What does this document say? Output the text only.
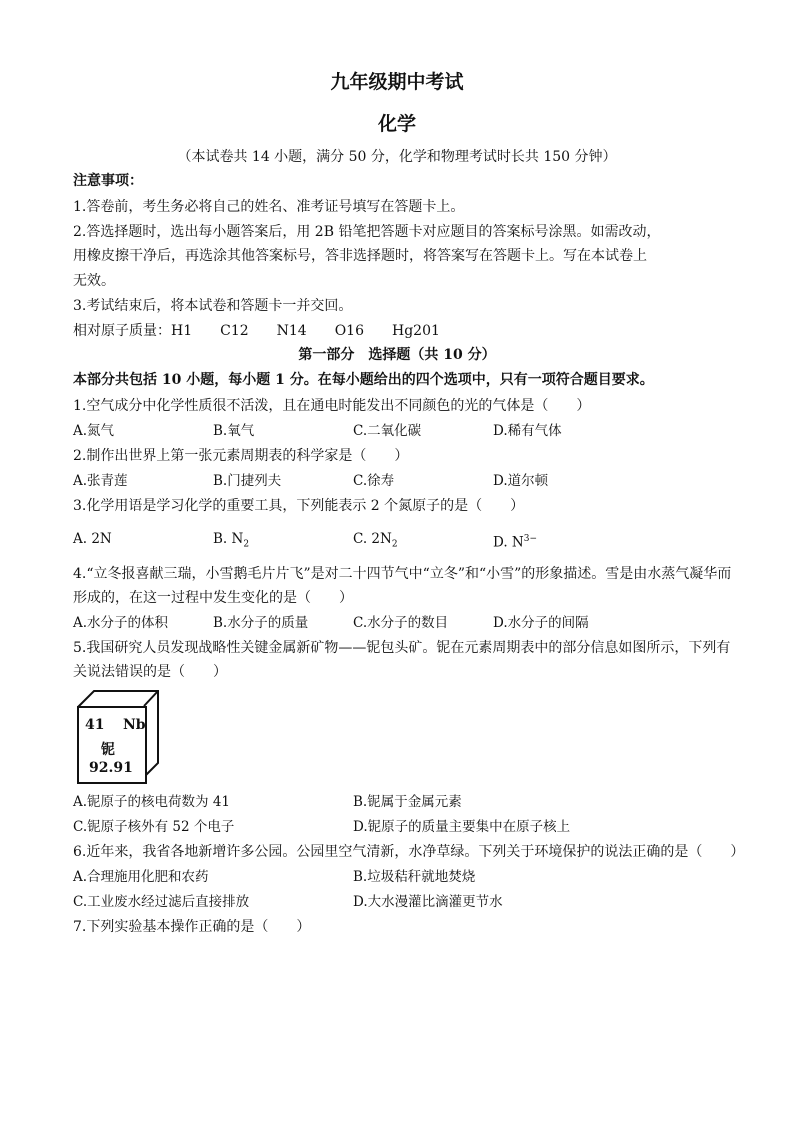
九年级期中考试
化学
（本试卷共 14 小题，满分 50 分，化学和物理考试时长共 150 分钟）
注意事项：
1.答卷前，考生务必将自己的姓名、准考证号填写在答题卡上。
2.答选择题时，选出每小题答案后，用 2B 铅笔把答题卡对应题目的答案标号涂黑。如需改动，
用橡皮擦干净后，再选涂其他答案标号，答非选择题时，将答案写在答题卡上。写在本试卷上
无效。
3.考试结束后，将本试卷和答题卡一并交回。
相对原子质量：H1　　C12　　N14　　O16　　Hg201
第一部分　选择题（共 10 分）
本部分共包括 10 小题，每小题 1 分。在每小题给出的四个选项中，只有一项符合题目要求。
1.空气成分中化学性质很不活泼，且在通电时能发出不同颜色的光的气体是（　　）
A.氮气	B.氧气	C.二氧化碳	D.稀有气体
2.制作出世界上第一张元素周期表的科学家是（　　）
A.张青莲	B.门捷列夫	C.徐寿	D.道尔顿
3.化学用语是学习化学的重要工具，下列能表示 2 个氮原子的是（　　）
A. 2N	B. $N_2$	C. $2N_2$	D. $N^{3-}$
4.“立冬报喜献三瑞，小雪鹅毛片片飞”是对二十四节气中“立冬”和“小雪”的形象描述。雪是由水蒸气凝华而
形成的，在这一过程中发生变化的是（　　）
A.水分子的体积	B.水分子的质量	C.水分子的数目	D.水分子的间隔
5.我国研究人员发现战略性关键金属新矿物——铌包头矿。铌在元素周期表中的部分信息如图所示，下列有
关说法错误的是（　　）
41 Nb
铌
92.91
A.铌原子的核电荷数为 41	B.铌属于金属元素
C.铌原子核外有 52 个电子	D.铌原子的质量主要集中在原子核上
6.近年来，我省各地新增许多公园。公园里空气清新，水净草绿。下列关于环境保护的说法正确的是（　　）
A.合理施用化肥和农药	B.垃圾秸秆就地焚烧
C.工业废水经过滤后直接排放	D.大水漫灌比滴灌更节水
7.下列实验基本操作正确的是（　　）
